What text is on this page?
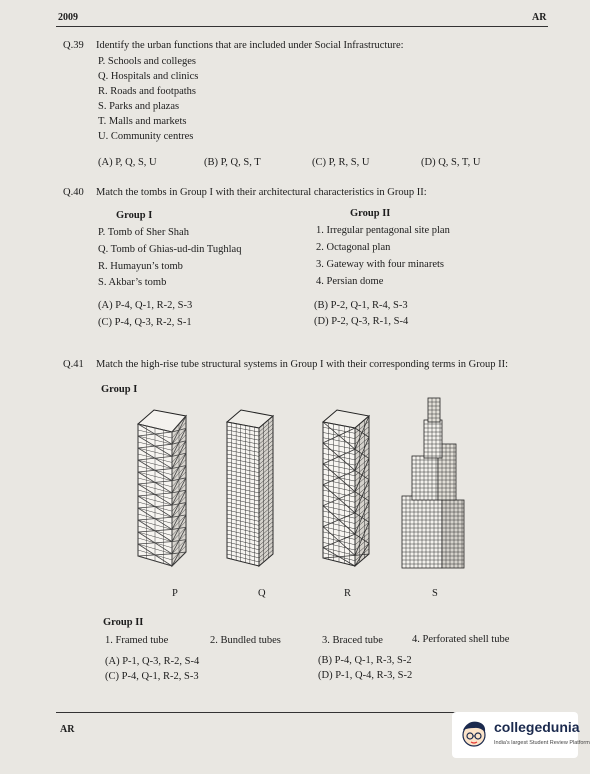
2009	AR
Q.39 Identify the urban functions that are included under Social Infrastructure:
P. Schools and colleges
Q. Hospitals and clinics
R. Roads and footpaths
S. Parks and plazas
T. Malls and markets
U. Community centres
(A) P, Q, S, U	(B) P, Q, S, T	(C) P, R, S, U	(D) Q, S, T, U
Q.40 Match the tombs in Group I with their architectural characteristics in Group II:
Group I	Group II
P. Tomb of Sher Shah
Q. Tomb of Ghias-ud-din Tughlaq
R. Humayun’s tomb
S. Akbar’s tomb
1. Irregular pentagonal site plan
2. Octagonal plan
3. Gateway with four minarets
4. Persian dome
(A) P-4, Q-1, R-2, S-3	(B) P-2, Q-1, R-4, S-3
(C) P-4, Q-3, R-2, S-1	(D) P-2, Q-3, R-1, S-4
Q.41 Match the high-rise tube structural systems in Group I with their corresponding terms in Group II:
Group I
P	Q	R	S
Group II
1. Framed tube	2. Bundled tubes	3. Braced tube	4. Perforated shell tube
(A) P-1, Q-3, R-2, S-4	(B) P-4, Q-1, R-3, S-2
(C) P-4, Q-1, R-2, S-3	(D) P-1, Q-4, R-3, S-2
AR	collegedunia
India's largest Student Review Platform
